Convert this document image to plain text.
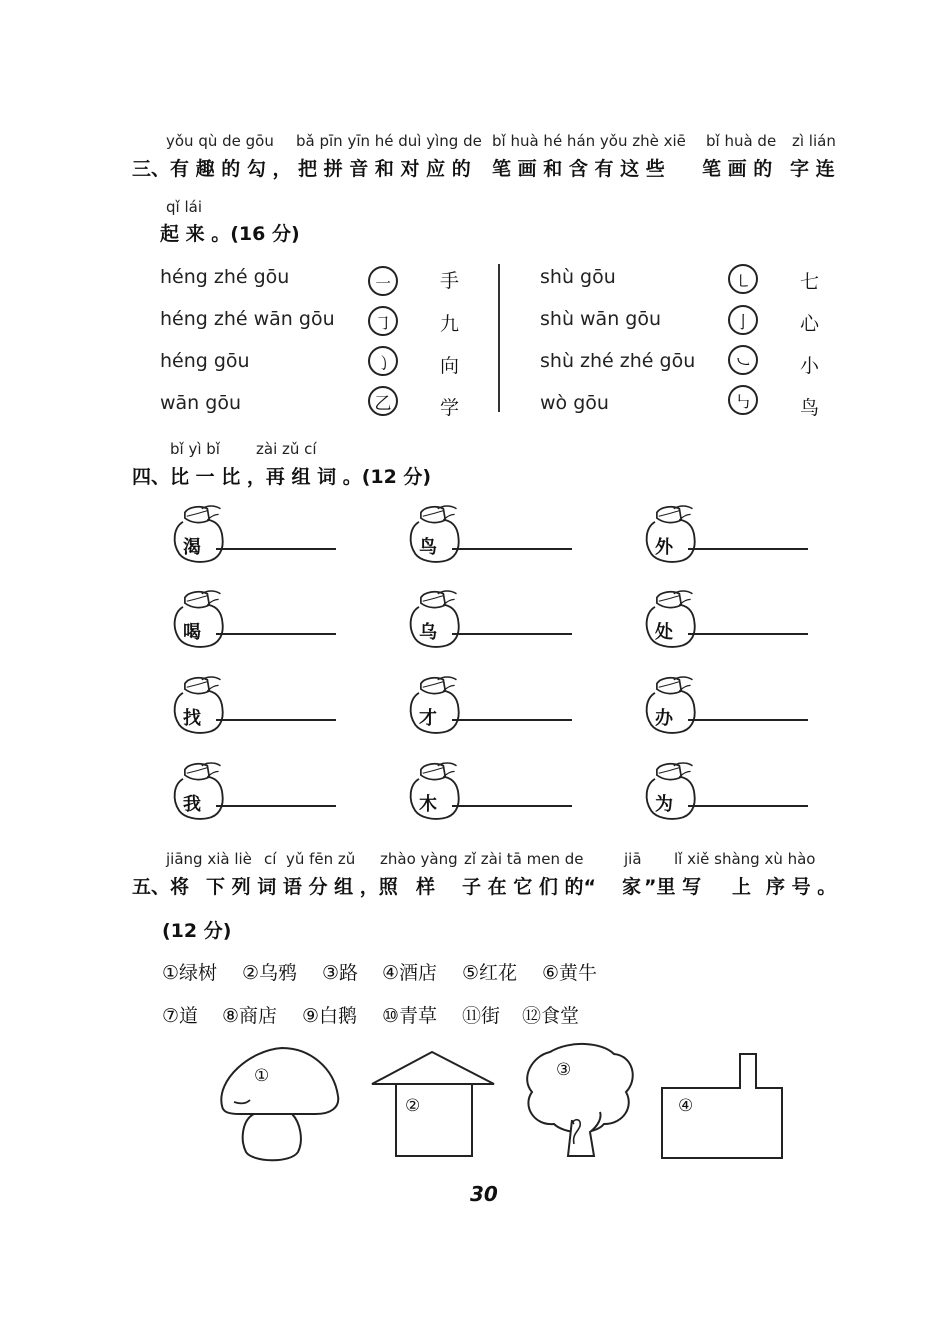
yǒu qù de gōu bǎ pīn yīn hé duì yìng de bǐ huà hé hán yǒu zhè xiē bǐ huà de zì lián
三、有 趣 的 勾 ， 把 拼 音 和 对 应 的 笔 画 和 含 有 这 些 笔 画 的 字 连
qǐ lái
起 来 。(16 分)
héng zhé gōu	㇐	手
héng zhé wān gōu	㇆	九
héng gōu	㇁	向
wān gōu	乙	学
shù gōu	㇄	七
shù wān gōu	亅	心
shù zhé zhé gōu	㇃	小
wò gōu	㇉	鸟
bǐ yì bǐ zài zǔ cí
四、比 一 比 ，再 组 词 。(12 分)
渴	鸟	外
喝	乌	处
找	才	办
我	木	为
jiāng xià liè cí yǔ fēn zǔ zhào yàng zǐ zài tā men de	jiā lǐ xiě shàng xù hào
五、将 下 列 词 语 分 组 ，照 样 子 在 它 们 的“ 家 ”里 写 上 序 号 。
(12 分)
①绿树 ②乌鸦 ③路 ④酒店 ⑤红花 ⑥黄牛
⑦道 ⑧商店 ⑨白鹅 ⑩青草 ⑪街 ⑫食堂
①
②
③
④
30
